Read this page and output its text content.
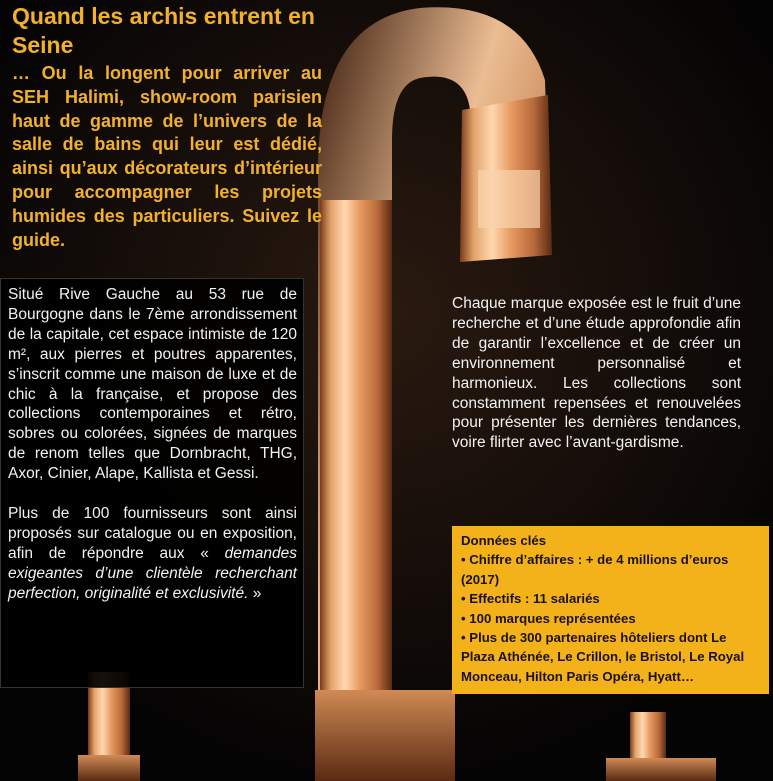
Quand les archis entrent en Seine

… Ou la longent pour arriver au SEH Halimi, show-room parisien haut de gamme de l’univers de la salle de bains qui leur est dédié, ainsi qu’aux décorateurs d’intérieur pour accompagner les projets humides des particuliers. Suivez le guide.

Situé Rive Gauche au 53 rue de Bourgogne dans le 7ème arrondissement de la capitale, cet espace intimiste de 120 m², aux pierres et poutres apparentes, s’inscrit comme une maison de luxe et de chic à la française, et propose des collections contemporaines et rétro, sobres ou colorées, signées de marques de renom telles que Dornbracht, THG, Axor, Cinier, Alape, Kallista et Gessi.

Plus de 100 fournisseurs sont ainsi proposés sur catalogue ou en exposition, afin de répondre aux « demandes exigeantes d’une clientèle recherchant perfection, originalité et exclusivité. »

Chaque marque exposée est le fruit d’une recherche et d’une étude approfondie afin de garantir l’excellence et de créer un environnement personnalisé et harmonieux. Les collections sont constamment repensées et renouvelées pour présenter les dernières tendances, voire flirter avec l’avant-gardisme.

Données clés
• Chiffre d’affaires : + de 4 millions d’euros (2017)
• Effectifs : 11 salariés
• 100 marques représentées
• Plus de 300 partenaires hôteliers dont Le Plaza Athénée, Le Crillon, le Bristol, Le Royal Monceau, Hilton Paris Opéra, Hyatt…
